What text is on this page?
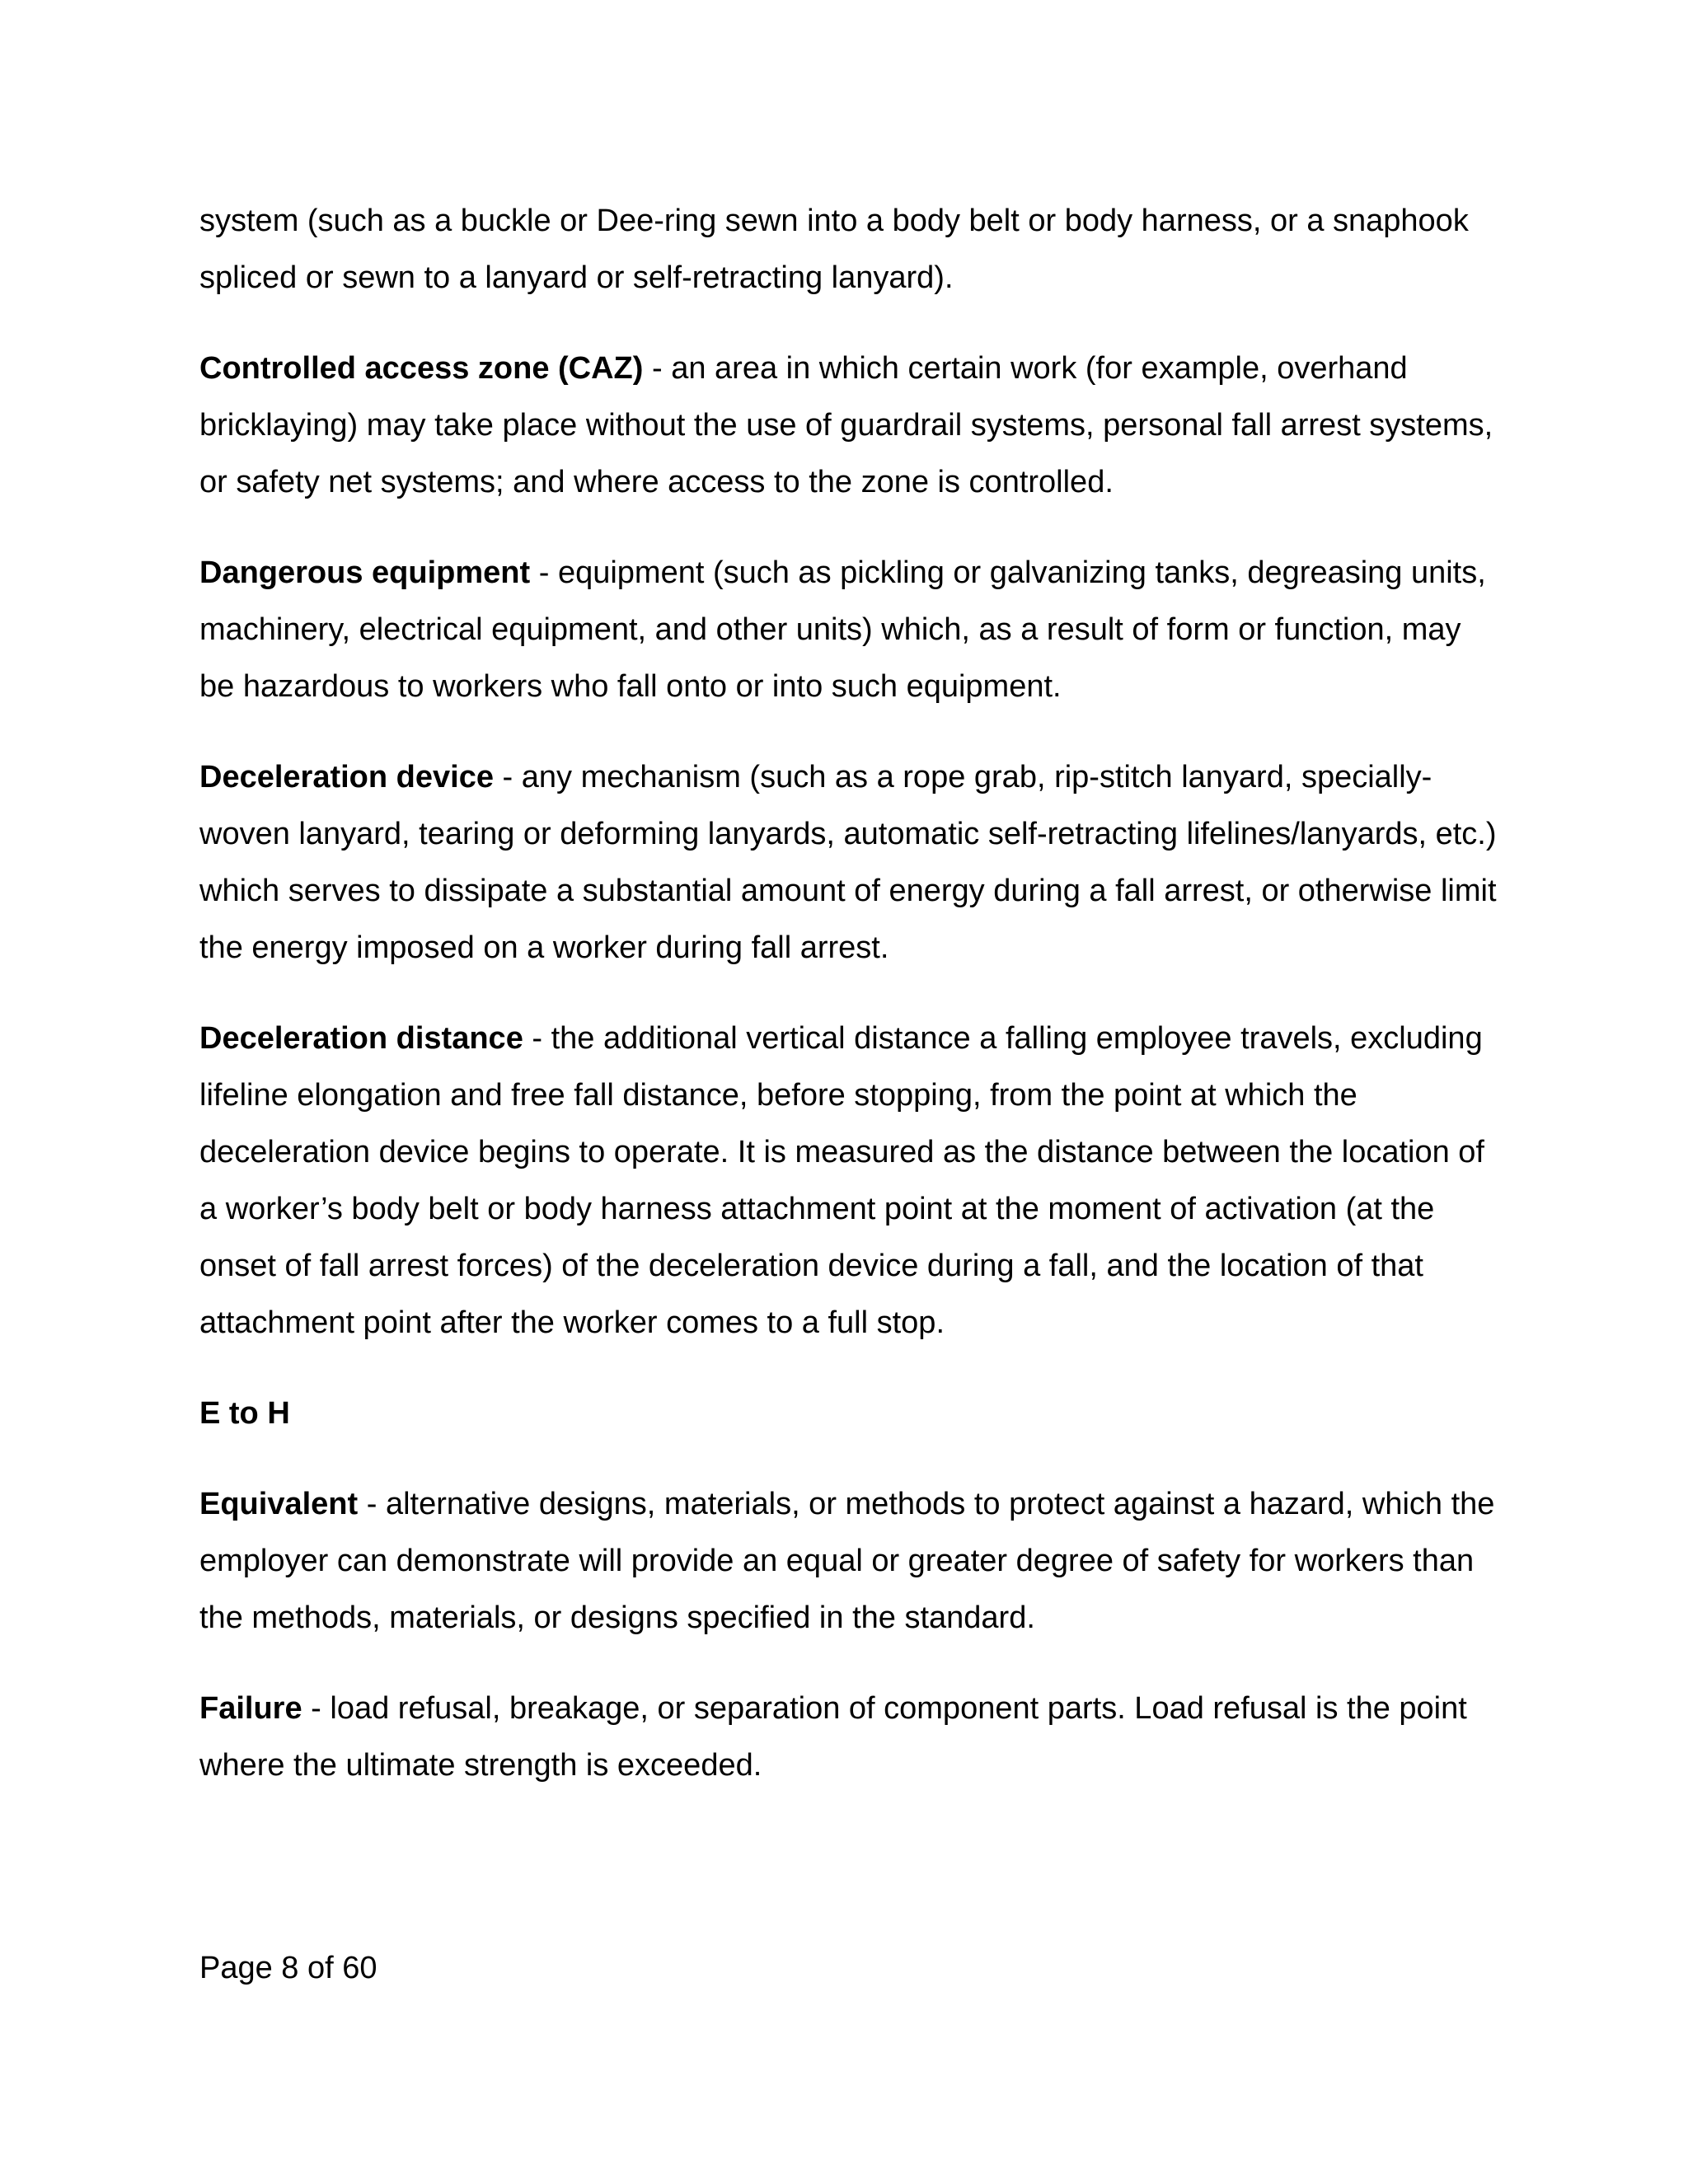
system (such as a buckle or Dee-ring sewn into a body belt or body harness, or a snaphook spliced or sewn to a lanyard or self-retracting lanyard).

Controlled access zone (CAZ) - an area in which certain work (for example, overhand bricklaying) may take place without the use of guardrail systems, personal fall arrest systems, or safety net systems; and where access to the zone is controlled.

Dangerous equipment - equipment (such as pickling or galvanizing tanks, degreasing units, machinery, electrical equipment, and other units) which, as a result of form or function, may be hazardous to workers who fall onto or into such equipment.

Deceleration device - any mechanism (such as a rope grab, rip-stitch lanyard, specially-woven lanyard, tearing or deforming lanyards, automatic self-retracting lifelines/lanyards, etc.) which serves to dissipate a substantial amount of energy during a fall arrest, or otherwise limit the energy imposed on a worker during fall arrest.

Deceleration distance - the additional vertical distance a falling employee travels, excluding lifeline elongation and free fall distance, before stopping, from the point at which the deceleration device begins to operate. It is measured as the distance between the location of a worker’s body belt or body harness attachment point at the moment of activation (at the onset of fall arrest forces) of the deceleration device during a fall, and the location of that attachment point after the worker comes to a full stop.

E to H

Equivalent - alternative designs, materials, or methods to protect against a hazard, which the employer can demonstrate will provide an equal or greater degree of safety for workers than the methods, materials, or designs specified in the standard.

Failure - load refusal, breakage, or separation of component parts. Load refusal is the point where the ultimate strength is exceeded.

Page 8 of 60
